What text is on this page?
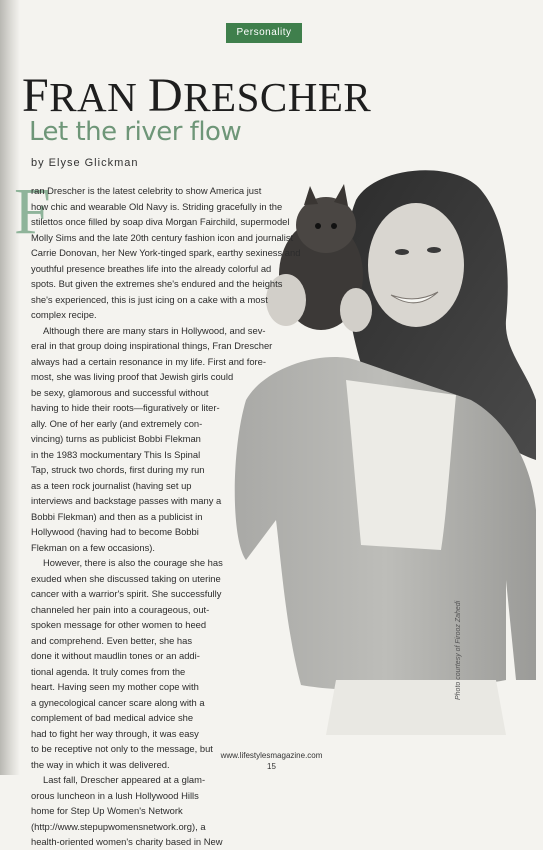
Personality
FRAN DRESCHER
Let the river flow
by Elyse Glickman
F
ran Drescher is the latest celebrity to show America just
how chic and wearable Old Navy is. Striding gracefully in the
stilettos once filled by soap diva Morgan Fairchild, supermodel
Molly Sims and the late 20th century fashion icon and journalist
Carrie Donovan, her New York-tinged spark, earthy sexiness and
youthful presence breathes life into the already colorful ad
spots. But given the extremes she's endured and the heights
she's experienced, this is just icing on a cake with a most
complex recipe.
Although there are many stars in Hollywood, and sev-
eral in that group doing inspirational things, Fran Drescher
always had a certain resonance in my life. First and fore-
most, she was living proof that Jewish girls could
be sexy, glamorous and successful without
having to hide their roots—figuratively or liter-
ally. One of her early (and extremely con-
vincing) turns as publicist Bobbi Flekman
in the 1983 mockumentary This Is Spinal
Tap, struck two chords, first during my run
as a teen rock journalist (having set up
interviews and backstage passes with many a
Bobbi Flekman) and then as a publicist in
Hollywood (having had to become Bobbi
Flekman on a few occasions).
However, there is also the courage she has
exuded when she discussed taking on uterine
cancer with a warrior's spirit. She successfully
channeled her pain into a courageous, out-
spoken message for other women to heed
and comprehend. Even better, she has
done it without maudlin tones or an addi-
tional agenda. It truly comes from the
heart. Having seen my mother cope with
a gynecological cancer scare along with a
complement of bad medical advice she
had to fight her way through, it was easy
to be receptive not only to the message, but
the way in which it was delivered.
Last fall, Drescher appeared at a glam-
orous luncheon in a lush Hollywood Hills
home for Step Up Women's Network
(http://www.stepupwomensnetwork.org), a
health-oriented women's charity based in New
Photo courtesy of Firooz Zahedi
www.lifestylesmagazine.com
15
